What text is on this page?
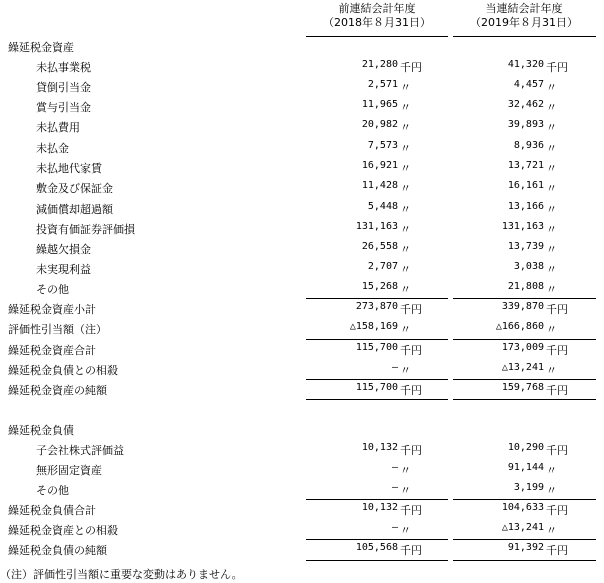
前連結会計年度
（2018年８月31日）
当連結会計年度
（2019年８月31日）
繰延税金資産
未払事業税	21,280 千円	41,320 千円
貸倒引当金	2,571 〃	4,457 〃
賞与引当金	11,965 〃	32,462 〃
未払費用	20,982 〃	39,893 〃
未払金	7,573 〃	8,936 〃
未払地代家賃	16,921 〃	13,721 〃
敷金及び保証金	11,428 〃	16,161 〃
減価償却超過額	5,448 〃	13,166 〃
投資有価証券評価損	131,163 〃	131,163 〃
繰越欠損金	26,558 〃	13,739 〃
未実現利益	2,707 〃	3,038 〃
その他	15,268 〃	21,808 〃
繰延税金資産小計	273,870 千円	339,870 千円
評価性引当額（注）	△158,169 〃	△166,860 〃
繰延税金資産合計	115,700 千円	173,009 千円
繰延税金負債との相殺	― 〃	△13,241 〃
繰延税金資産の純額	115,700 千円	159,768 千円
繰延税金負債
子会社株式評価益	10,132 千円	10,290 千円
無形固定資産	― 〃	91,144 〃
その他	― 〃	3,199 〃
繰延税金負債合計	10,132 千円	104,633 千円
繰延税金資産との相殺	― 〃	△13,241 〃
繰延税金負債の純額	105,568 千円	91,392 千円
（注）評価性引当額に重要な変動はありません。
